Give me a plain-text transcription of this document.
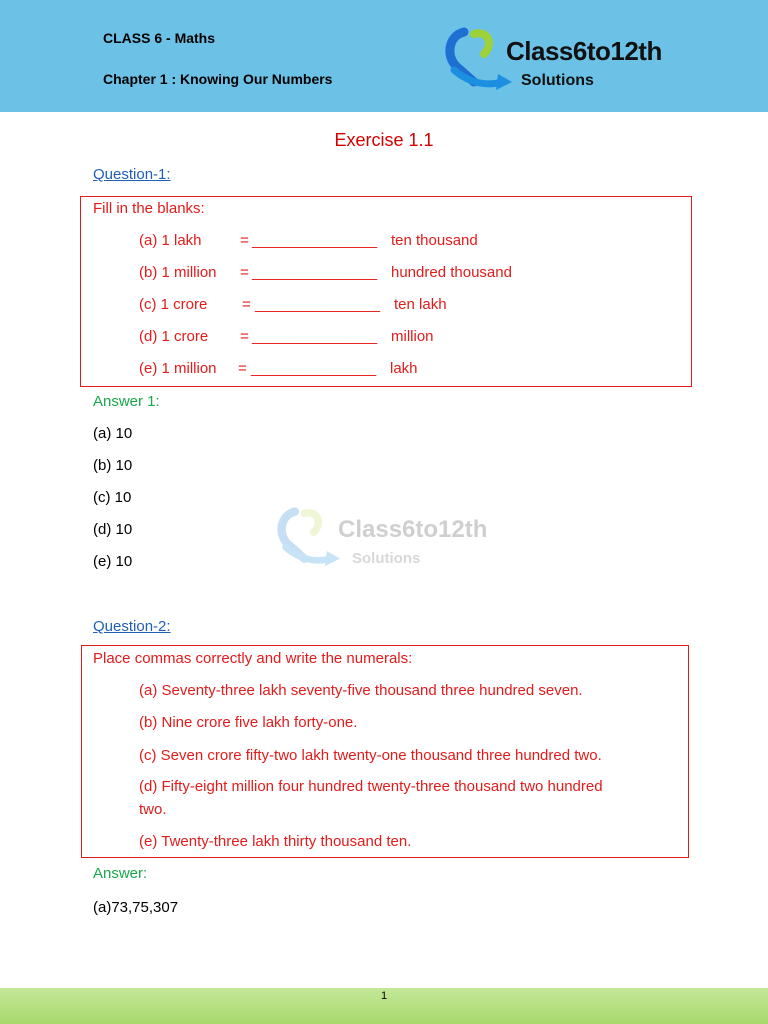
CLASS 6 - Maths
Chapter 1 : Knowing Our Numbers
Class6to12th
Solutions
Exercise 1.1
Question-1:
Fill in the blanks:
(a) 1 lakh	= _______________ ten thousand
(b) 1 million = _______________ hundred thousand
(c) 1 crore = _______________ ten lakh
(d) 1 crore = _______________ million
(e) 1 million = _______________ lakh
Answer 1:
(a) 10
(b) 10
(c) 10
(d) 10
(e) 10
Class6to12th
Solutions
Question-2:
Place commas correctly and write the numerals:
(a) Seventy-three lakh seventy-five thousand three hundred seven.
(b) Nine crore five lakh forty-one.
(c) Seven crore fifty-two lakh twenty-one thousand three hundred two.
(d) Fifty-eight million four hundred twenty-three thousand two hundred
two.
(e) Twenty-three lakh thirty thousand ten.
Answer:
(a)73,75,307
1
